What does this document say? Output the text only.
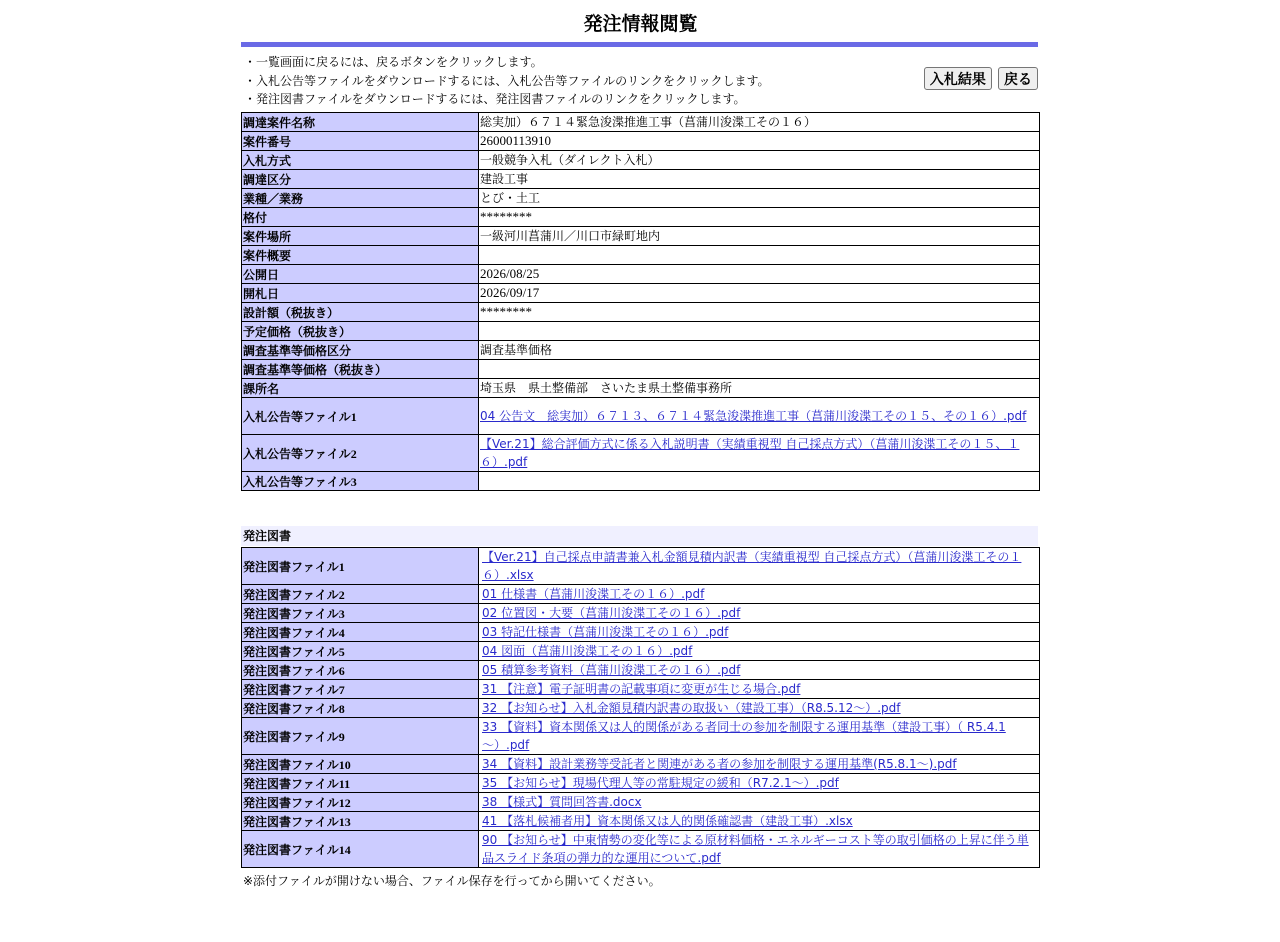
発注情報閲覧
・ 一覧画面に戻るには、戻るボタンをクリックします。
・ 入札公告等ファイルをダウンロードするには、入札公告等ファイルのリンクをクリックします。
・ 発注図書ファイルをダウンロードするには、発注図書ファイルのリンクをクリックします。
入札結果 戻る
調達案件名称	総実加）６７１４緊急浚渫推進工事（菖蒲川浚渫工その１６）
案件番号	26000113910
入札方式	一般競争入札（ダイレクト入札）
調達区分	建設工事
業種／業務	とび・土工
格付	********
案件場所	一級河川菖蒲川／川口市緑町地内
案件概要	
公開日	2026/08/25
開札日	2026/09/17
設計額（税抜き）	********
予定価格（税抜き）	
調査基準等価格区分	調査基準価格
調査基準等価格（税抜き）	
課所名	埼玉県　県土整備部　さいたま県土整備事務所
入札公告等ファイル1	04 公告文　総実加）６７１３、６７１４緊急浚渫推進工事（菖蒲川浚渫工その１５、その１６）.pdf
入札公告等ファイル2	【Ver.21】総合評価方式に係る入札説明書（実績重視型 自己採点方式）（菖蒲川浚渫工その１５、１６）.pdf
入札公告等ファイル3	
発注図書
発注図書ファイル1	【Ver.21】自己採点申請書兼入札金額見積内訳書（実績重視型 自己採点方式）（菖蒲川浚渫工その１６）.xlsx
発注図書ファイル2	01 仕様書（菖蒲川浚渫工その１６）.pdf
発注図書ファイル3	02 位置図・大要（菖蒲川浚渫工その１６）.pdf
発注図書ファイル4	03 特記仕様書（菖蒲川浚渫工その１６）.pdf
発注図書ファイル5	04 図面（菖蒲川浚渫工その１６）.pdf
発注図書ファイル6	05 積算参考資料（菖蒲川浚渫工その１６）.pdf
発注図書ファイル7	31 【注意】電子証明書の記載事項に変更が生じる場合.pdf
発注図書ファイル8	32 【お知らせ】入札金額見積内訳書の取扱い（建設工事）（R8.5.12～）.pdf
発注図書ファイル9	33 【資料】資本関係又は人的関係がある者同士の参加を制限する運用基準（建設工事）（ R5.4.1～）.pdf
発注図書ファイル10	34 【資料】設計業務等受託者と関連がある者の参加を制限する運用基準(R5.8.1～).pdf
発注図書ファイル11	35 【お知らせ】現場代理人等の常駐規定の緩和（R7.2.1～）.pdf
発注図書ファイル12	38 【様式】質問回答書.docx
発注図書ファイル13	41 【落札候補者用】資本関係又は人的関係確認書（建設工事）.xlsx
発注図書ファイル14	90 【お知らせ】中東情勢の変化等による原材料価格・エネルギーコスト等の取引価格の上昇に伴う単品スライド条項の弾力的な運用について.pdf
※添付ファイルが開けない場合、ファイル保存を行ってから開いてください。
